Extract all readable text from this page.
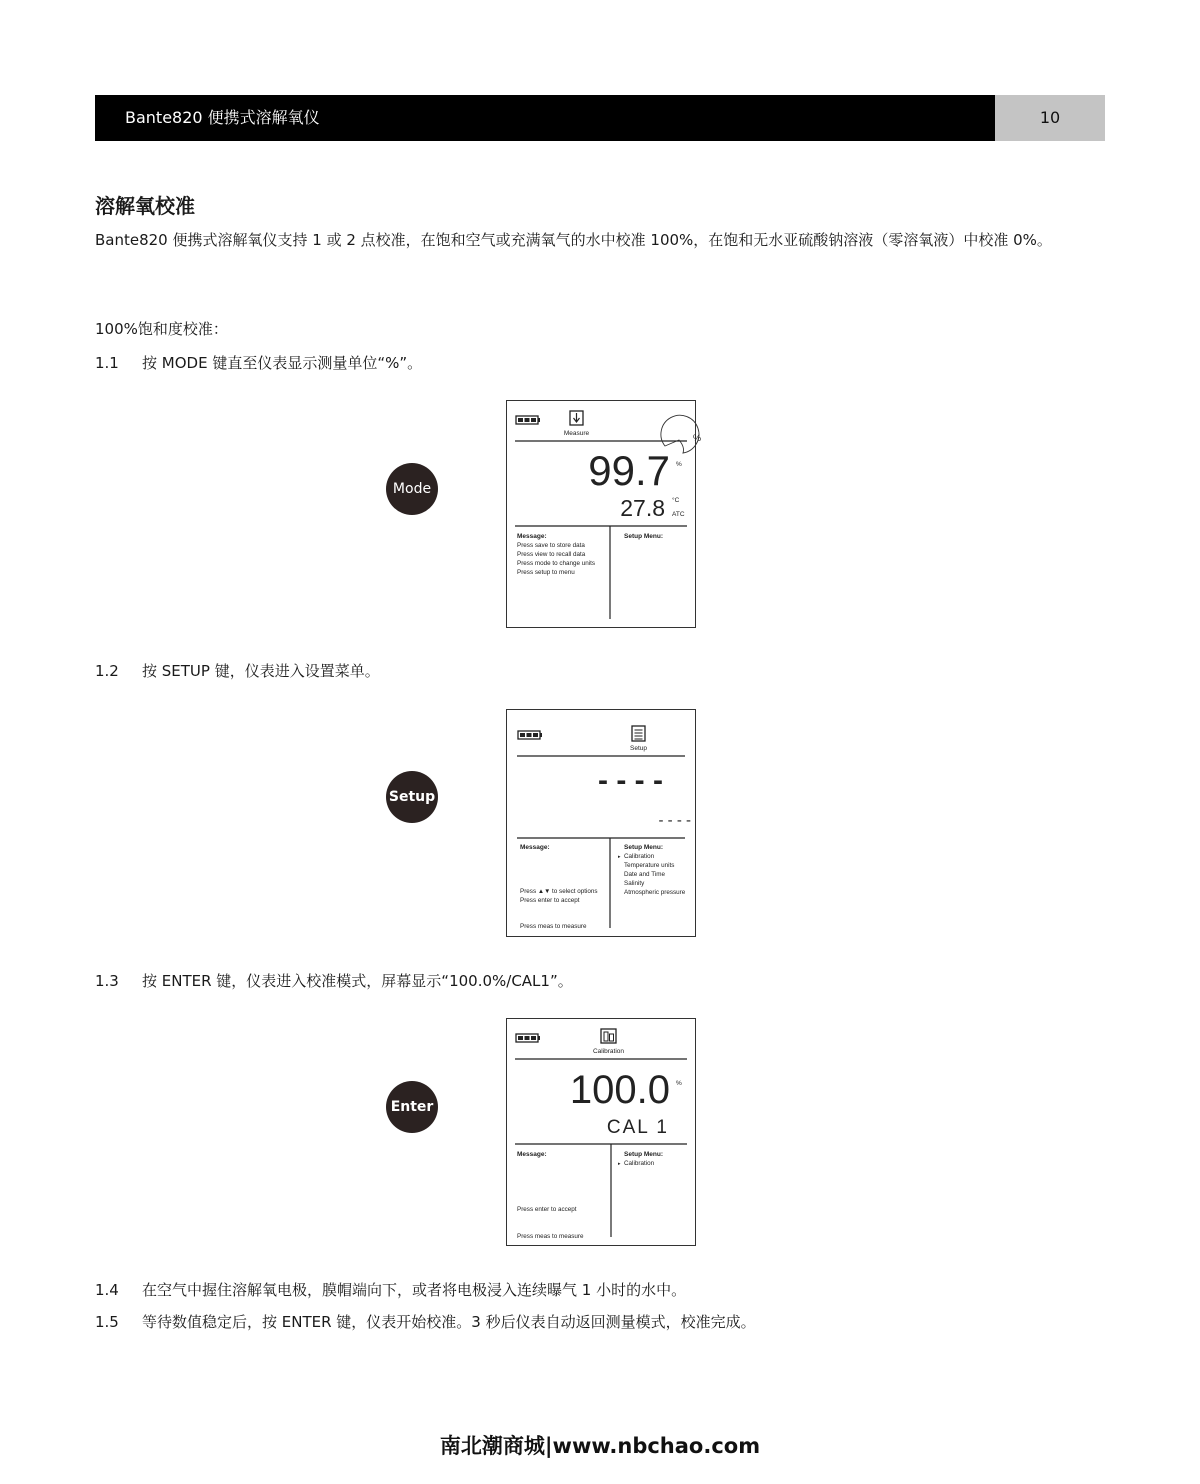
Bante820 便携式溶解氧仪	10
溶解氧校准
Bante820 便携式溶解氧仪支持 1 或 2 点校准，在饱和空气或充满氧气的水中校准 100%，在饱和无水亚硫酸钠溶液（零溶氧液）中校准 0%。
100%饱和度校准：
1.1 按 MODE 键直至仪表显示测量单位“%”。
Mode
Measure	%
99.7 %
27.8 °C
ATC
Message:
Press save to store data
Press view to recall data
Press mode to change units
Press setup to menu
Setup Menu:
1.2 按 SETUP 键，仪表进入设置菜单。
Setup
Setup
- - - -
- - - -
Message:
Press ▲▼ to select options
Press enter to accept
Press meas to measure
Setup Menu:
▸ Calibration
Temperature units
Date and Time
Salinity
Atmospheric pressure
1.3 按 ENTER 键，仪表进入校准模式，屏幕显示“100.0%/CAL1”。
Enter
Calibration
100.0 %
CAL 1
Message:
Press enter to accept
Press meas to measure
Setup Menu:
▸ Calibration
1.4 在空气中握住溶解氧电极，膜帽端向下，或者将电极浸入连续曝气 1 小时的水中。
1.5 等待数值稳定后，按 ENTER 键，仪表开始校准。3 秒后仪表自动返回测量模式，校准完成。
南北潮商城|www.nbchao.com
